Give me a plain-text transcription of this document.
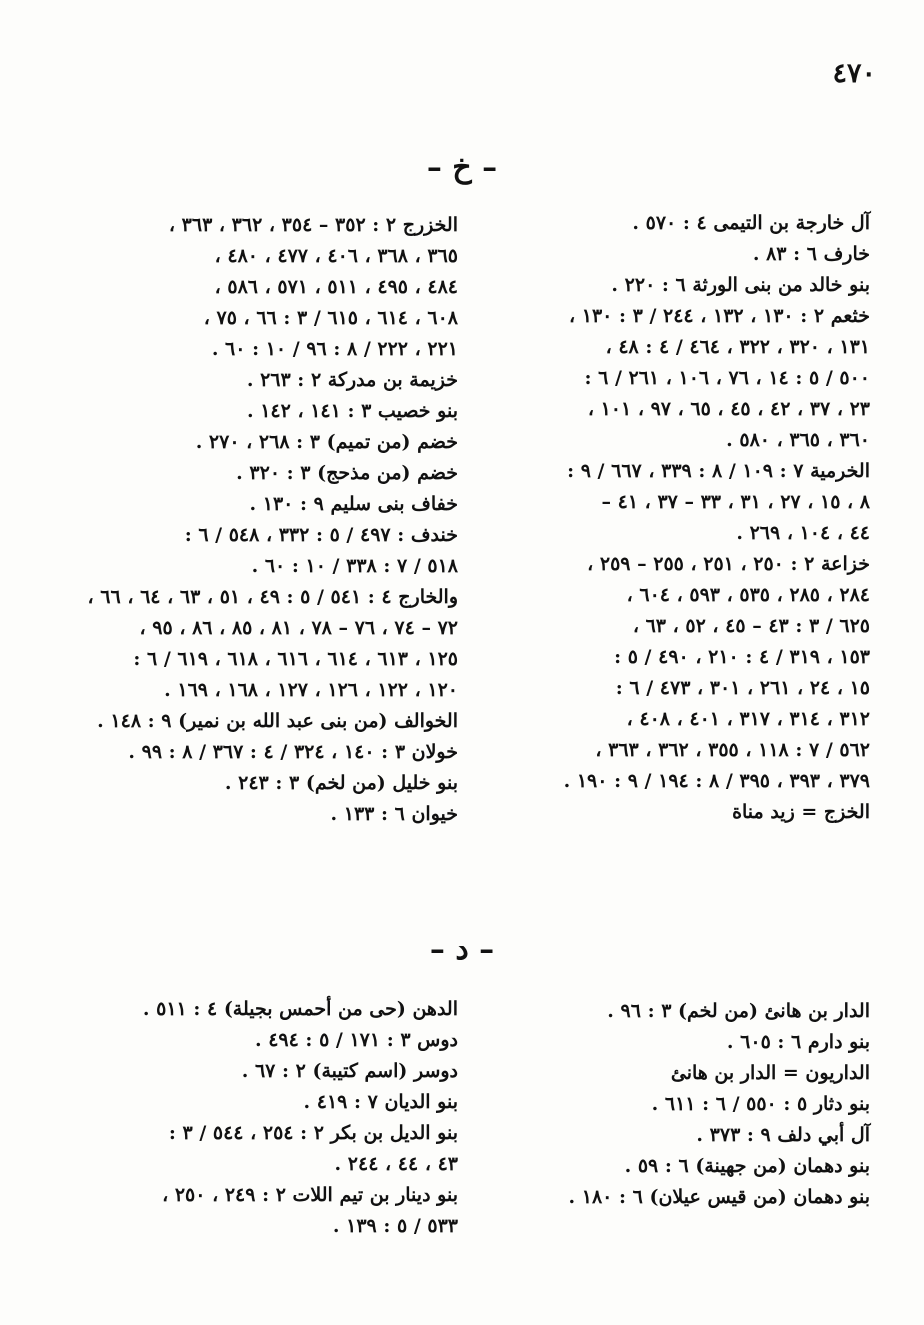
٤٧٠
– خ –
آل خارجة بن التيمى ٤ : ٥٧٠ .
خارف ٦ : ٨٣ .
بنو خالد من بنى الورثة ٦ : ٢٢٠ .
خثعم ٢ : ١٣٠ ، ١٣٢ ، ٢٤٤ / ٣ : ١٣٠ ،
١٣١ ، ٣٢٠ ، ٣٢٢ ، ٤٦٤ / ٤ : ٤٨ ،
٥٠٠ / ٥ : ١٤ ، ٧٦ ، ١٠٦ ، ٢٦١ / ٦ :
٢٣ ، ٣٧ ، ٤٢ ، ٤٥ ، ٦٥ ، ٩٧ ، ١٠١ ،
٣٦٠ ، ٣٦٥ ، ٥٨٠ .
الخرمية ٧ : ١٠٩ / ٨ : ٣٣٩ ، ٦٦٧ / ٩ :
٨ ، ١٥ ، ٢٧ ، ٣١ ، ٣٣ – ٣٧ ، ٤١ –
٤٤ ، ١٠٤ ، ٢٦٩ .
خزاعة ٢ : ٢٥٠ ، ٢٥١ ، ٢٥٥ – ٢٥٩ ،
٢٨٤ ، ٢٨٥ ، ٥٣٥ ، ٥٩٣ ، ٦٠٤ ،
٦٢٥ / ٣ : ٤٣ – ٤٥ ، ٥٢ ، ٦٣ ،
١٥٣ ، ٣١٩ / ٤ : ٢١٠ ، ٤٩٠ / ٥ :
١٥ ، ٢٤ ، ٢٦١ ، ٣٠١ ، ٤٧٣ / ٦ :
٣١٢ ، ٣١٤ ، ٣١٧ ، ٤٠١ ، ٤٠٨ ،
٥٦٢ / ٧ : ١١٨ ، ٣٥٥ ، ٣٦٢ ، ٣٦٣ ،
٣٧٩ ، ٣٩٣ ، ٣٩٥ / ٨ : ١٩٤ / ٩ : ١٩٠ .
الخزج = زيد مناة
الخزرج ٢ : ٣٥٢ – ٣٥٤ ، ٣٦٢ ، ٣٦٣ ،
٣٦٥ ، ٣٦٨ ، ٤٠٦ ، ٤٧٧ ، ٤٨٠ ،
٤٨٤ ، ٤٩٥ ، ٥١١ ، ٥٧١ ، ٥٨٦ ،
٦٠٨ ، ٦١٤ ، ٦١٥ / ٣ : ٦٦ ، ٧٥ ،
٢٢١ ، ٢٢٢ / ٨ : ٩٦ / ١٠ : ٦٠ .
خزيمة بن مدركة ٢ : ٢٦٣ .
بنو خصيب ٣ : ١٤١ ، ١٤٢ .
خضم (من تميم) ٣ : ٢٦٨ ، ٢٧٠ .
خضم (من مذحج) ٣ : ٣٢٠ .
خفاف بنى سليم ٩ : ١٣٠ .
خندف : ٤٩٧ / ٥ : ٣٣٢ ، ٥٤٨ / ٦ :
٥١٨ / ٧ : ٣٣٨ / ١٠ : ٦٠ .
والخارج ٤ : ٥٤١ / ٥ : ٤٩ ، ٥١ ، ٦٣ ، ٦٤ ، ٦٦ ،
٧٢ – ٧٤ ، ٧٦ – ٧٨ ، ٨١ ، ٨٥ ، ٨٦ ، ٩٥ ،
١٢٥ ، ٦١٣ ، ٦١٤ ، ٦١٦ ، ٦١٨ ، ٦١٩ / ٦ :
١٢٠ ، ١٢٢ ، ١٢٦ ، ١٢٧ ، ١٦٨ ، ١٦٩ .
الخوالف (من بنى عبد الله بن نمير) ٩ : ١٤٨ .
خولان ٣ : ١٤٠ ، ٣٢٤ / ٤ : ٣٦٧ / ٨ : ٩٩ .
بنو خليل (من لخم) ٣ : ٢٤٣ .
خيوان ٦ : ١٣٣ .
– د –
الدار بن هانئ (من لخم) ٣ : ٩٦ .
بنو دارم ٦ : ٦٠٥ .
الداريون = الدار بن هانئ
بنو دثار ٥ : ٥٥٠ / ٦ : ٦١١ .
آل أبي دلف ٩ : ٣٧٣ .
بنو دهمان (من جهينة) ٦ : ٥٩ .
بنو دهمان (من قيس عيلان) ٦ : ١٨٠ .
الدهن (حى من أحمس بجيلة) ٤ : ٥١١ .
دوس ٣ : ١٧١ / ٥ : ٤٩٤ .
دوسر (اسم كتيبة) ٢ : ٦٧ .
بنو الديان ٧ : ٤١٩ .
بنو الديل بن بكر ٢ : ٢٥٤ ، ٥٤٤ / ٣ :
٤٣ ، ٤٤ ، ٢٤٤ .
بنو دينار بن تيم اللات ٢ : ٢٤٩ ، ٢٥٠ ،
٥٣٣ / ٥ : ١٣٩ .
